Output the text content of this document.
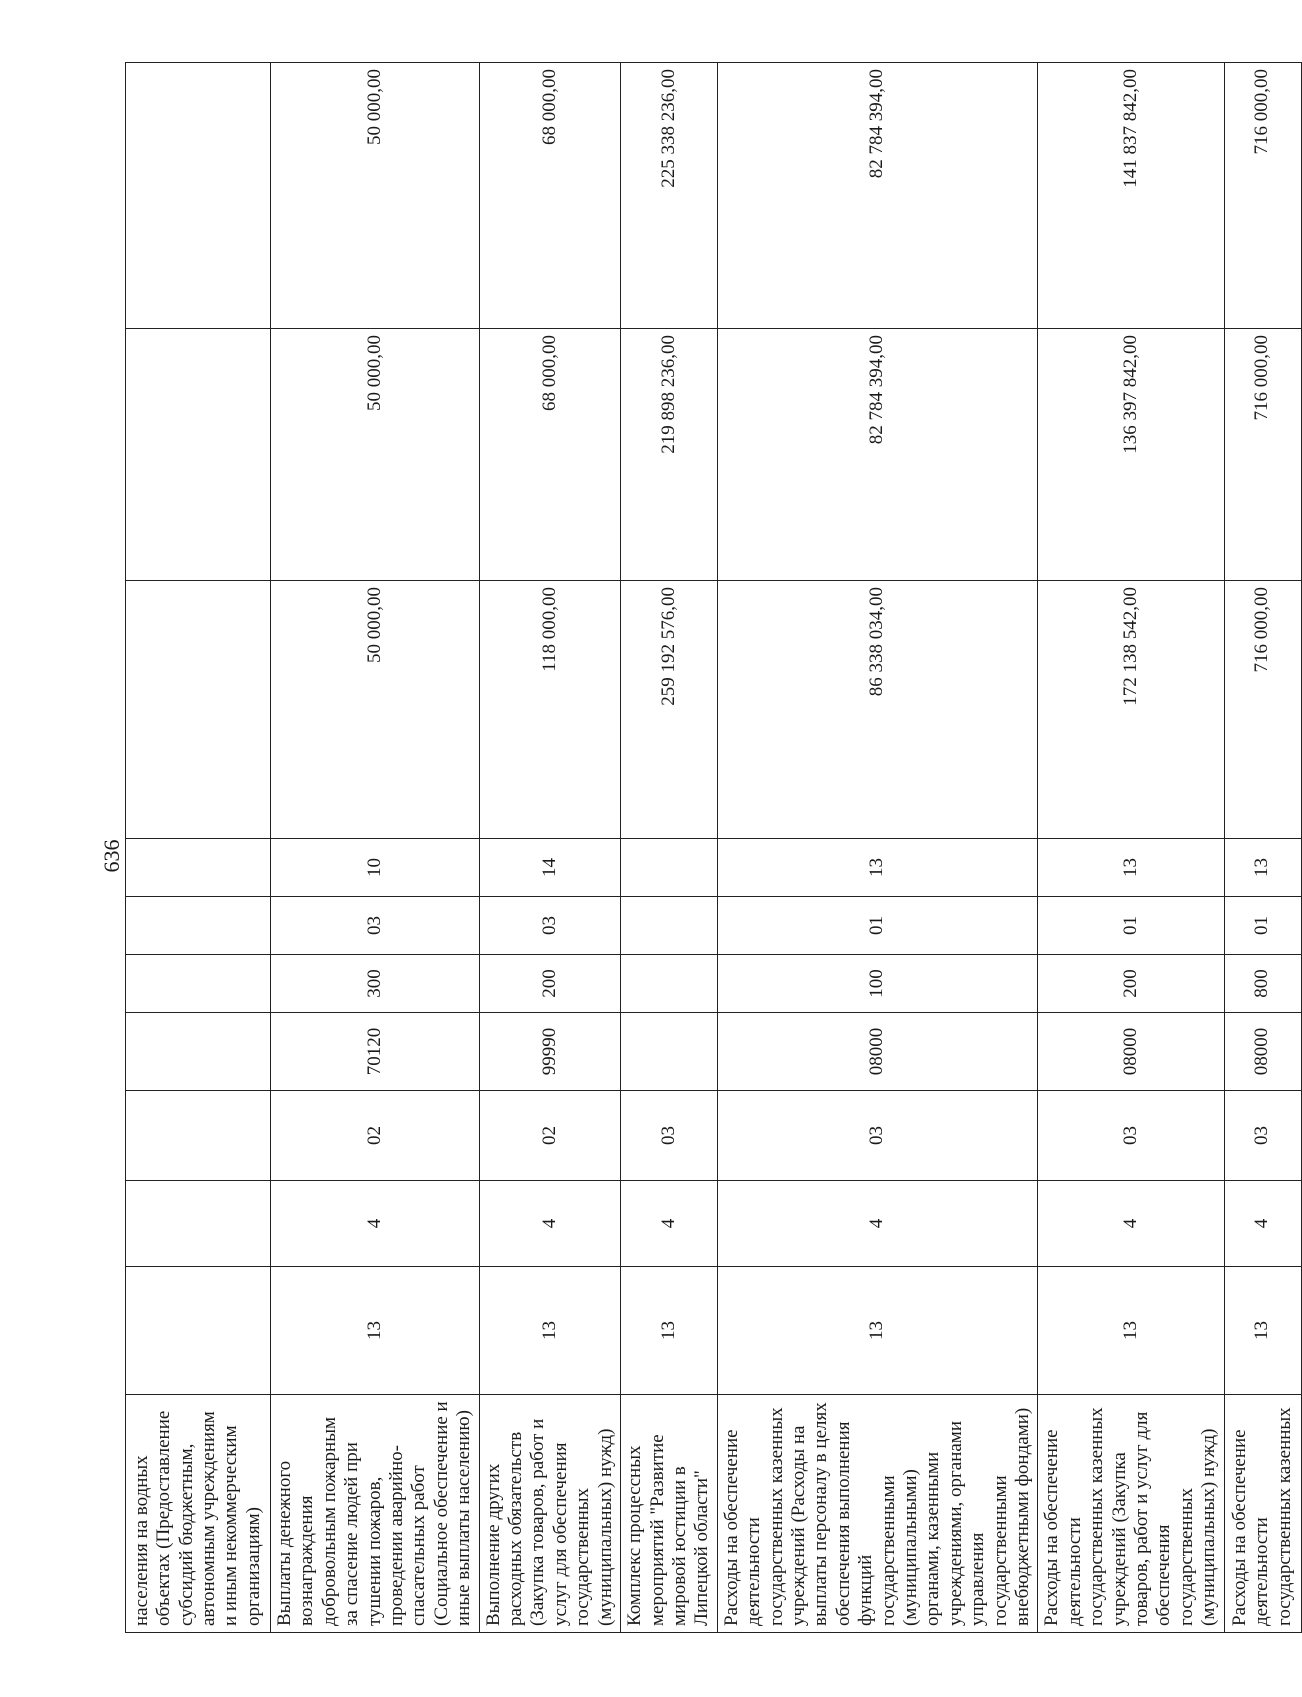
636
населения на водных объектах (Предоставление субсидий бюджетным, автономным учреждениям и иным некоммерческим организациям)										
Выплаты денежного вознаграждения добровольным пожарным за спасение людей при тушении пожаров, проведении аварийно-спасательных работ (Социальное обеспечение и иные выплаты населению)	13	4	02	70120	300	03	10	50 000,00	50 000,00	50 000,00
Выполнение других расходных обязательств (Закупка товаров, работ и услуг для обеспечения государственных (муниципальных) нужд)	13	4	02	99990	200	03	14	118 000,00	68 000,00	68 000,00
Комплекс процессных мероприятий "Развитие мировой юстиции в Липецкой области"	13	4	03					259 192 576,00	219 898 236,00	225 338 236,00
Расходы на обеспечение деятельности государственных казенных учреждений (Расходы на выплаты персоналу в целях обеспечения выполнения функций государственными (муниципальными) органами, казенными учреждениями, органами управления государственными внебюджетными фондами)	13	4	03	08000	100	01	13	86 338 034,00	82 784 394,00	82 784 394,00
Расходы на обеспечение деятельности государственных казенных учреждений (Закупка товаров, работ и услуг для обеспечения государственных (муниципальных) нужд)	13	4	03	08000	200	01	13	172 138 542,00	136 397 842,00	141 837 842,00
Расходы на обеспечение деятельности государственных казенных	13	4	03	08000	800	01	13	716 000,00	716 000,00	716 000,00
